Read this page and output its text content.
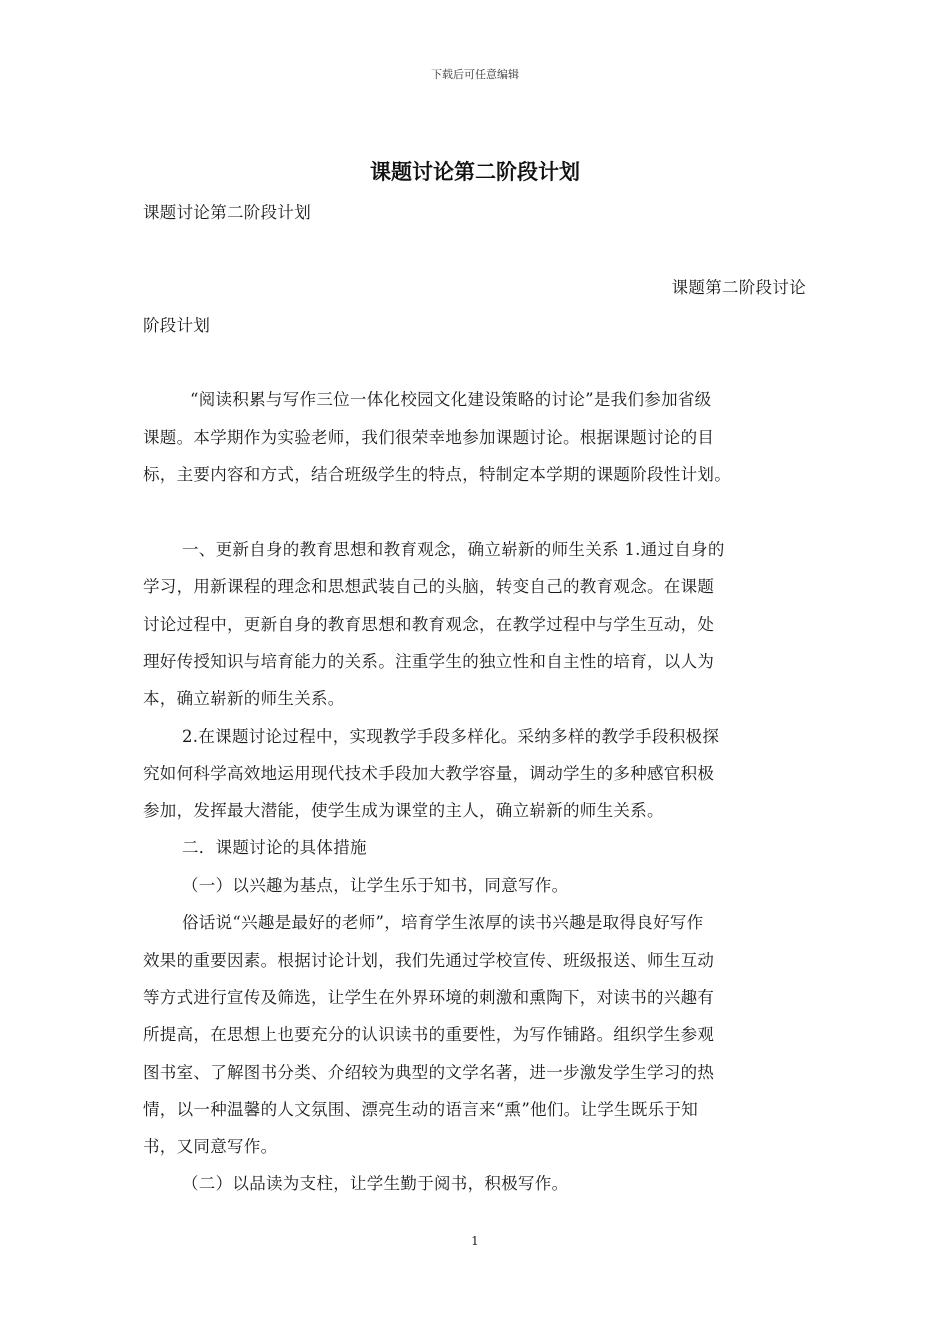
下载后可任意编辑
课题讨论第二阶段计划
课题讨论第二阶段计划
课题第二阶段讨论
阶段计划
“阅读积累与写作三位一体化校园文化建设策略的讨论”是我们参加省级
课题。本学期作为实验老师，我们很荣幸地参加课题讨论。根据课题讨论的目
标，主要内容和方式，结合班级学生的特点，特制定本学期的课题阶段性计划。
一、更新自身的教育思想和教育观念，确立崭新的师生关系 1.通过自身的
学习，用新课程的理念和思想武装自己的头脑，转变自己的教育观念。在课题
讨论过程中，更新自身的教育思想和教育观念，在教学过程中与学生互动，处
理好传授知识与培育能力的关系。注重学生的独立性和自主性的培育，以人为
本，确立崭新的师生关系。
2.在课题讨论过程中，实现教学手段多样化。采纳多样的教学手段积极探
究如何科学高效地运用现代技术手段加大教学容量，调动学生的多种感官积极
参加，发挥最大潜能，使学生成为课堂的主人，确立崭新的师生关系。
二．课题讨论的具体措施
（一）以兴趣为基点，让学生乐于知书，同意写作。
俗话说“兴趣是最好的老师”，培育学生浓厚的读书兴趣是取得良好写作
效果的重要因素。根据讨论计划，我们先通过学校宣传、班级报送、师生互动
等方式进行宣传及筛选，让学生在外界环境的刺激和熏陶下，对读书的兴趣有
所提高，在思想上也要充分的认识读书的重要性，为写作铺路。组织学生参观
图书室、了解图书分类、介绍较为典型的文学名著，进一步激发学生学习的热
情，以一种温馨的人文氛围、漂亮生动的语言来“熏”他们。让学生既乐于知
书，又同意写作。
（二）以品读为支柱，让学生勤于阅书，积极写作。
1
